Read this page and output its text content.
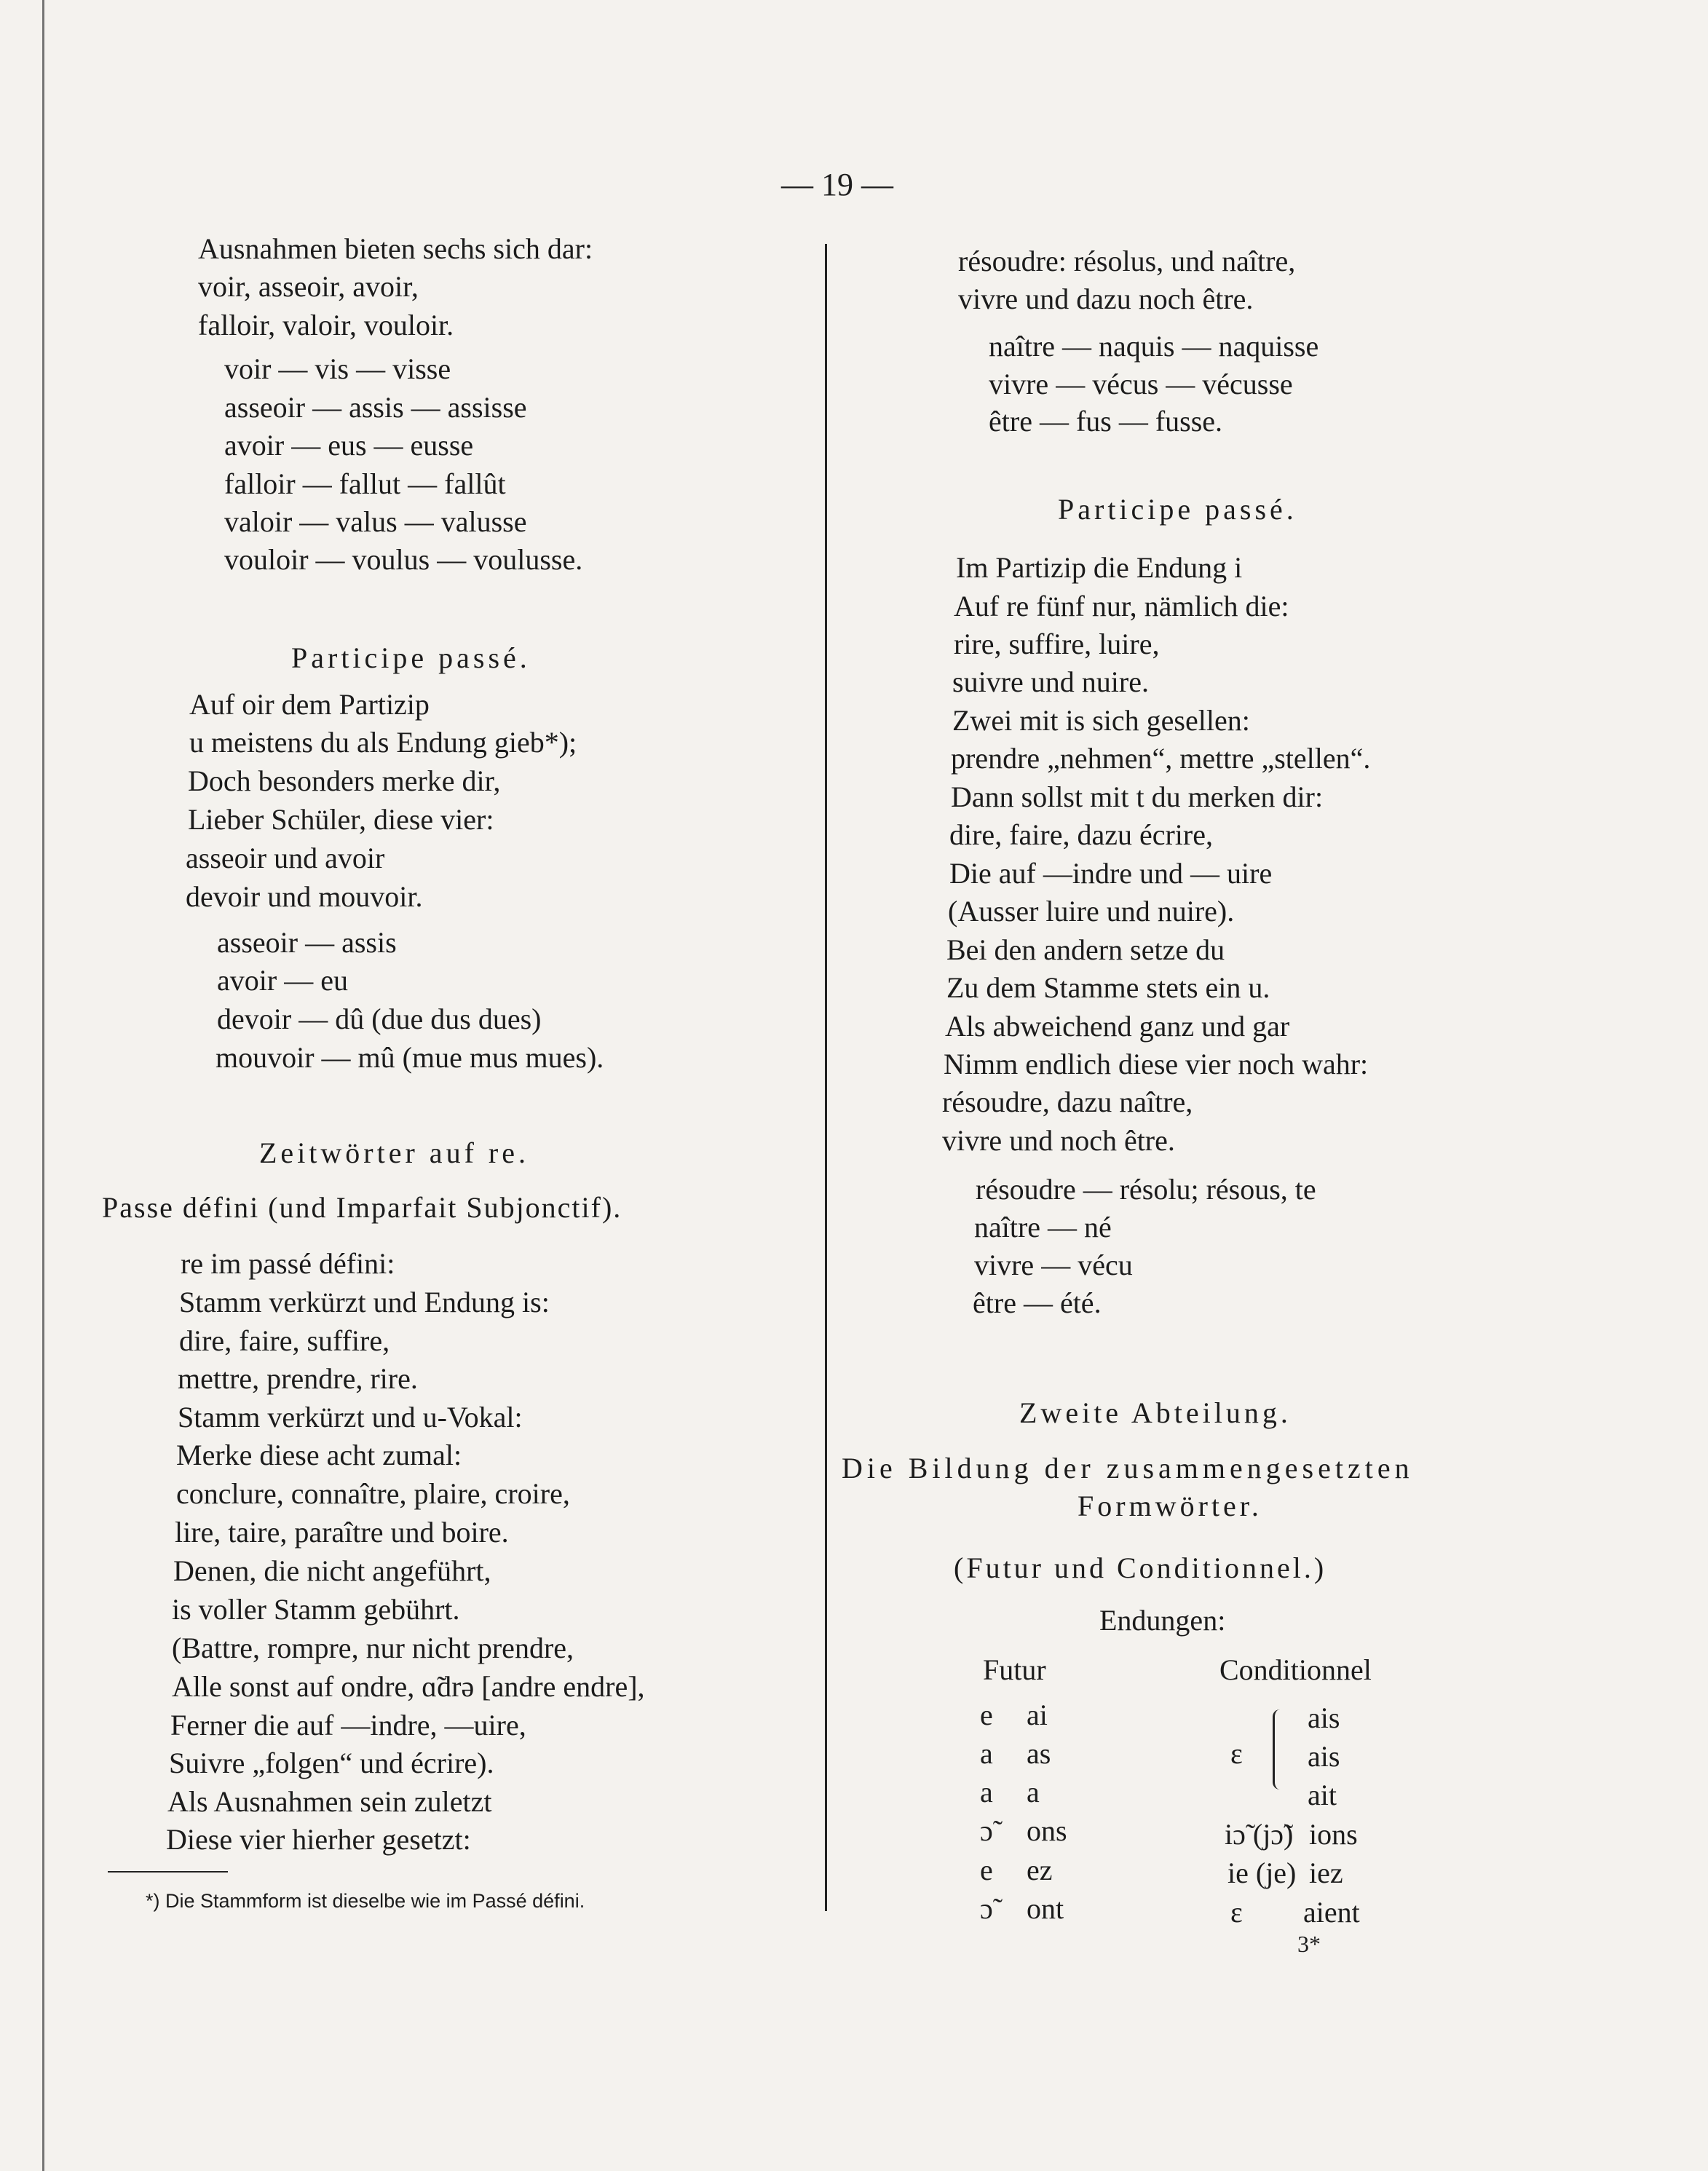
— 19 —
Ausnahmen bieten sechs sich dar:
voir, asseoir, avoir,
falloir, valoir, vouloir.
voir — vis — visse
asseoir — assis — assisse
avoir — eus — eusse
falloir — fallut — fallût
valoir — valus — valusse
vouloir — voulus — voulusse.
Participe passé.
Auf oir dem Partizip
u meistens du als Endung gieb*);
Doch besonders merke dir,
Lieber Schüler, diese vier:
asseoir und avoir
devoir und mouvoir.
asseoir — assis
avoir — eu
devoir — dû (due dus dues)
mouvoir — mû (mue mus mues).
Zeitwörter auf re.
Passe défini (und Imparfait Subjonctif).
re im passé défini:
Stamm verkürzt und Endung is:
dire, faire, suffire,
mettre, prendre, rire.
Stamm verkürzt und u-Vokal:
Merke diese acht zumal:
conclure, connaître, plaire, croire,
lire, taire, paraître und boire.
Denen, die nicht angeführt,
is voller Stamm gebührt.
(Battre, rompre, nur nicht prendre,
Alle sonst auf ondre, ɑ̃drə [andre endre],
Ferner die auf —indre, —uire,
Suivre „folgen“ und écrire).
Als Ausnahmen sein zuletzt
Diese vier hierher gesetzt:
*) Die Stammform ist dieselbe wie im Passé défini.
résoudre: résolus, und naître,
vivre und dazu noch être.
naître — naquis — naquisse
vivre — vécus — vécusse
être — fus — fusse.
Participe passé.
Im Partizip die Endung i
Auf re fünf nur, nämlich die:
rire, suffire, luire,
suivre und nuire.
Zwei mit is sich gesellen:
prendre „nehmen“, mettre „stellen“.
Dann sollst mit t du merken dir:
dire, faire, dazu écrire,
Die auf —indre und — uire
(Ausser luire und nuire).
Bei den andern setze du
Zu dem Stamme stets ein u.
Als abweichend ganz und gar
Nimm endlich diese vier noch wahr:
résoudre, dazu naître,
vivre und noch être.
résoudre — résolu; résous, te
naître — né
vivre — vécu
être — été.
Zweite Abteilung.
Die Bildung der zusammengesetzten
Formwörter.
(Futur und Conditionnel.)
Endungen:
Futur	Conditionnel
e ai
a as
a a
ɔ̃ ons
e ez
ɔ̃ ont
ɛ
ais
ais
ait
iɔ̃ (jɔ̃) ions
ie (je) iez
ɛ aient
3*
